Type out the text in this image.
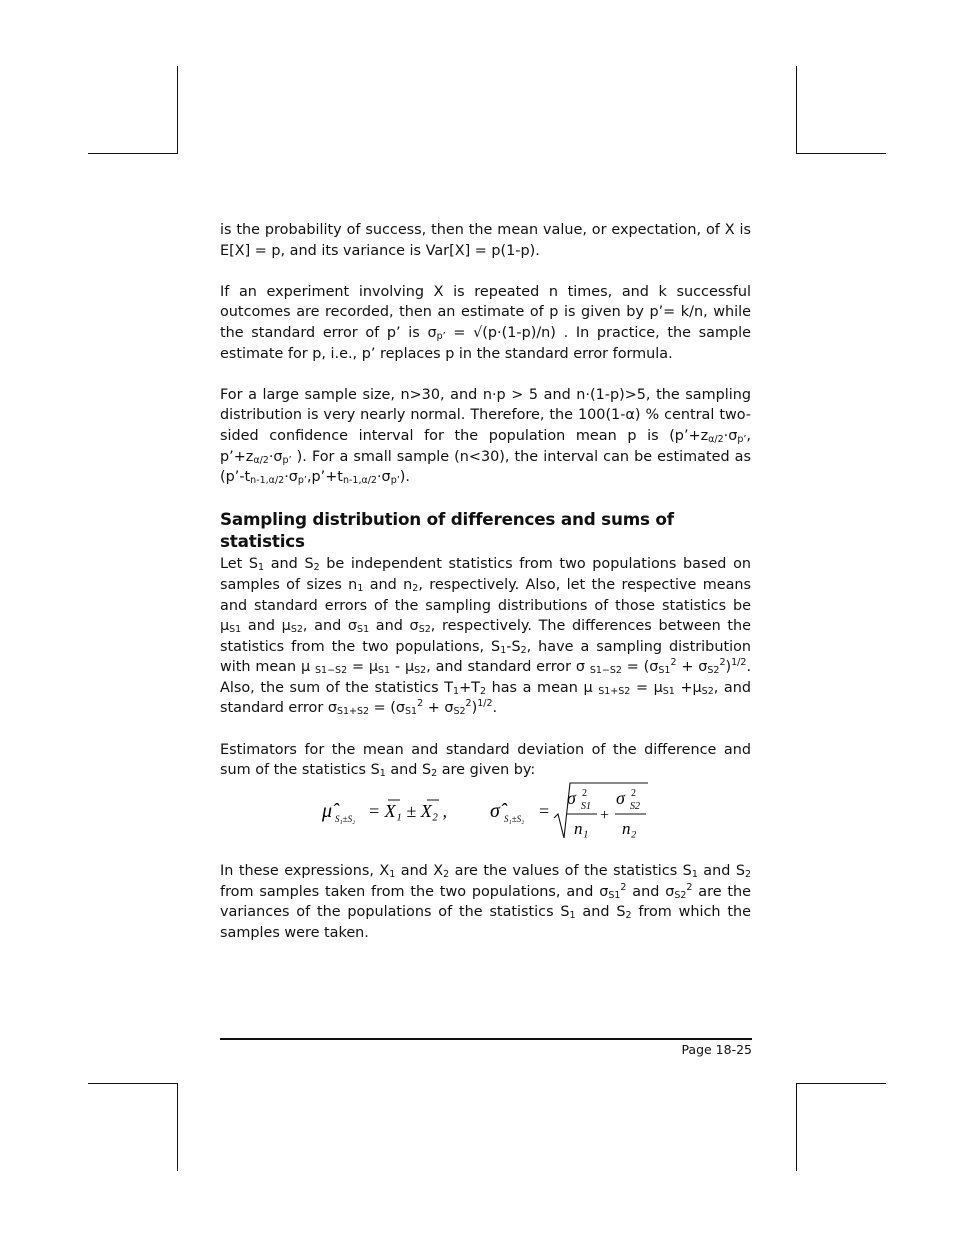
is the probability of success, then the mean value, or expectation, of X is E[X] = p, and its variance is Var[X] = p(1-p).

If an experiment involving X is repeated n times, and k successful outcomes are recorded, then an estimate of p is given by p’= k/n, while the standard error of p’ is $\sigma_{p’} = √(p\cdot(1-p)/n)$ . In practice, the sample estimate for p, i.e., p’ replaces p in the standard error formula.

For a large sample size, n>30, and n·p > 5 and n·(1-p)>5, the sampling distribution is very nearly normal. Therefore, the 100(1-α) % central two-sided confidence interval for the population mean p is ($p’+z_{\alpha/2}\cdot\sigma_{p’}$, $p’+z_{\alpha/2}\cdot\sigma_{p’}$ ). For a small sample (n<30), the interval can be estimated as $(p’-t_{n-1,\alpha/2}\cdot\sigma_{p’},p’+t_{n-1,\alpha/2}\cdot\sigma_{p’})$.

Sampling distribution of differences and sums of statistics

Let $S_1$ and $S_2$ be independent statistics from two populations based on samples of sizes $n_1$ and $n_2$, respectively. Also, let the respective means and standard errors of the sampling distributions of those statistics be $\mu_{S1}$ and $\mu_{S2}$, and $\sigma_{S1}$ and $\sigma_{S2}$, respectively. The differences between the statistics from the two populations, $S_1-S_2$, have a sampling distribution with mean μ $_{S1-S2} = \mu_{S1} - \mu_{S2}$, and standard error σ $_{S1-S2} = (\sigma_{S1}^2 + \sigma_{S2}^2)^{1/2}$. Also, the sum of the statistics $T_1+T_2$ has a mean μ $_{S1+S2} = \mu_{S1} +\mu_{S2}$, and standard error $\sigma_{S1+S2} = (\sigma_{S1}^2 + \sigma_{S2}^2)^{1/2}$.

Estimators for the mean and standard deviation of the difference and sum of the statistics $S_1$ and $S_2$ are given by:

μ̂ S₁±S₂ = X₁ ± X₂ , σ̂ S₁±S₂ =
σ 2
S1
n₁
+
σ 2
S2
n₂

In these expressions, $X_1$ and $X_2$ are the values of the statistics $S_1$ and $S_2$ from samples taken from the two populations, and $\sigma_{S1}^2$ and $\sigma_{S2}^2$ are the variances of the populations of the statistics $S_1$ and $S_2$ from which the samples were taken.

Page 18-25
